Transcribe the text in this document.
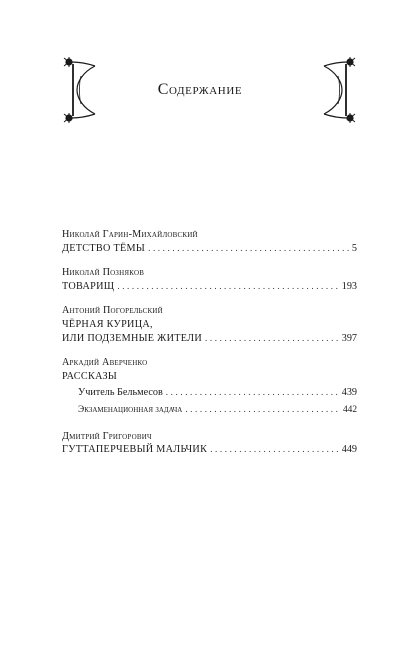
Содержание
Николай Гарин-Михайловский
ДЕТСТВО ТЁМЫ .....	5
Николай Позняков
ТОВАРИЩ .....	193
Антоний Погорельский
ЧЁРНАЯ КУРИЦА,
ИЛИ ПОДЗЕМНЫЕ ЖИТЕЛИ .....	397
Аркадий Аверченко
РАССКАЗЫ
Учитель Бельмесов .....	439
Экзаменационная задача .....	442
Дмитрий Григорович
ГУТТАПЕРЧЕВЫЙ МАЛЬЧИК .....	449
